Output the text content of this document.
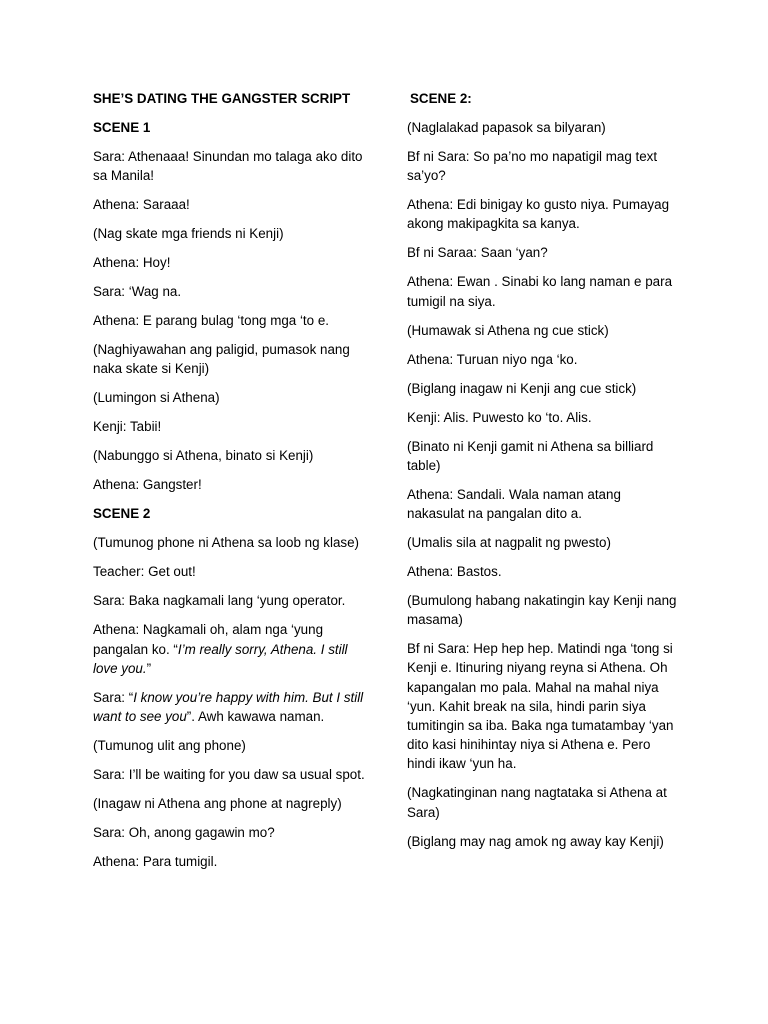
SHE’S DATING THE GANGSTER SCRIPT

SCENE 1

Sara: Athenaaa! Sinundan mo talaga ako dito sa Manila!

Athena: Saraaa!

(Nag skate mga friends ni Kenji)

Athena: Hoy!

Sara: ‘Wag na.

Athena: E parang bulag ‘tong mga ‘to e.

(Naghiyawahan ang paligid, pumasok nang naka skate si Kenji)

(Lumingon si Athena)

Kenji: Tabii!

(Nabunggo si Athena, binato si Kenji)

Athena: Gangster!

SCENE 2

(Tumunog phone ni Athena sa loob ng klase)

Teacher: Get out!

Sara: Baka nagkamali lang ‘yung operator.

Athena: Nagkamali oh, alam nga ‘yung pangalan ko. “I’m really sorry, Athena. I still love you.”

Sara: “I know you’re happy with him. But I still want to see you”. Awh kawawa naman.

(Tumunog ulit ang phone)

Sara: I’ll be waiting for you daw sa usual spot.

(Inagaw ni Athena ang phone at nagreply)

Sara: Oh, anong gagawin mo?

Athena: Para tumigil.

SCENE 2:

(Naglalakad papasok sa bilyaran)

Bf ni Sara: So pa’no mo napatigil mag text sa’yo?

Athena: Edi binigay ko gusto niya. Pumayag akong makipagkita sa kanya.

Bf ni Saraa: Saan ‘yan?

Athena: Ewan . Sinabi ko lang naman e para tumigil na siya.

(Humawak si Athena ng cue stick)

Athena: Turuan niyo nga ‘ko.

(Biglang inagaw ni Kenji ang cue stick)

Kenji: Alis. Puwesto ko ‘to. Alis.

(Binato ni Kenji gamit ni Athena sa billiard table)

Athena: Sandali. Wala naman atang nakasulat na pangalan dito a.

(Umalis sila at nagpalit ng pwesto)

Athena: Bastos.

(Bumulong habang nakatingin kay Kenji nang masama)

Bf ni Sara: Hep hep hep. Matindi nga ‘tong si Kenji e. Itinuring niyang reyna si Athena. Oh kapangalan mo pala. Mahal na mahal niya ‘yun. Kahit break na sila, hindi parin siya tumitingin sa iba. Baka nga tumatambay ‘yan dito kasi hinihintay niya si Athena e. Pero hindi ikaw ‘yun ha.

(Nagkatinginan nang nagtataka si Athena at Sara)

(Biglang may nag amok ng away kay Kenji)
